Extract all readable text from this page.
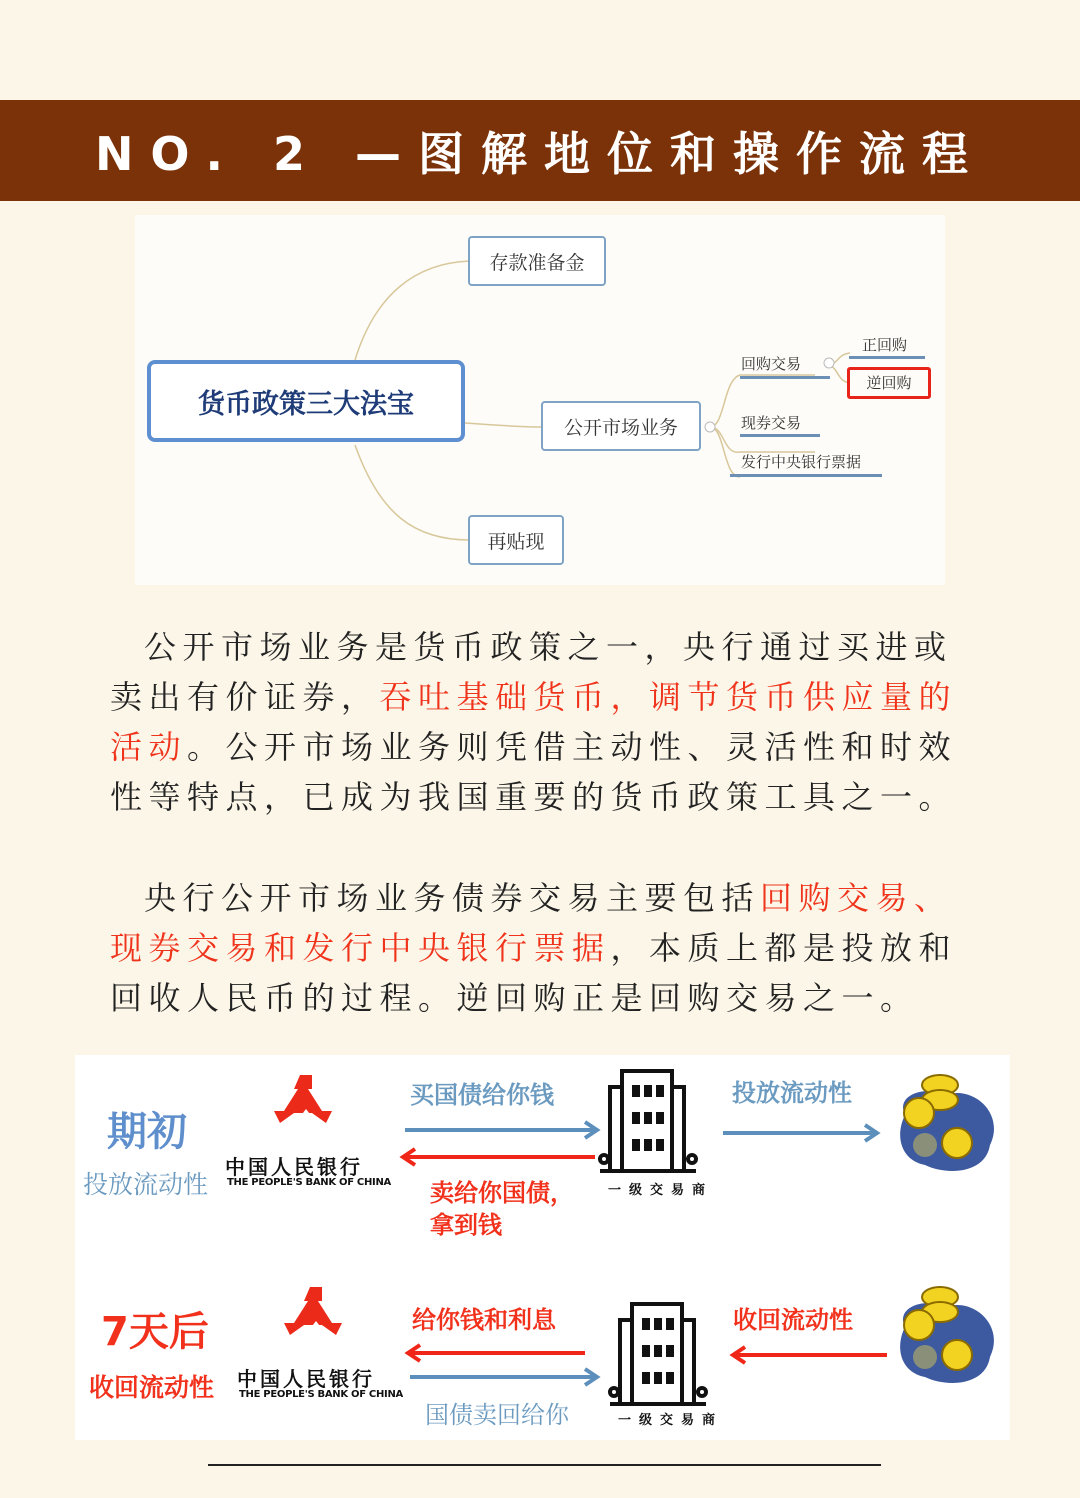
NO. 2 —图解地位和操作流程
货币政策三大法宝
存款准备金
公开市场业务
再贴现
回购交易
正回购
逆回购
现券交易
发行中央银行票据
公开市场业务是货币政策之一，央行通过买进或卖出有价证券，吞吐基础货币，调节货币供应量的活动。公开市场业务则凭借主动性、灵活性和时效性等特点，已成为我国重要的货币政策工具之一。
央行公开市场业务债券交易主要包括回购交易、现券交易和发行中央银行票据，本质上都是投放和回收人民币的过程。逆回购正是回购交易之一。
期初
投放流动性
中国人民银行
THE PEOPLE'S BANK OF CHINA
买国债给你钱
卖给你国债，
拿到钱
一级交易商
投放流动性
7天后
收回流动性 中国人民银行
THE PEOPLE'S BANK OF CHINA
给你钱和利息
国债卖回给你	一级交易商
收回流动性
